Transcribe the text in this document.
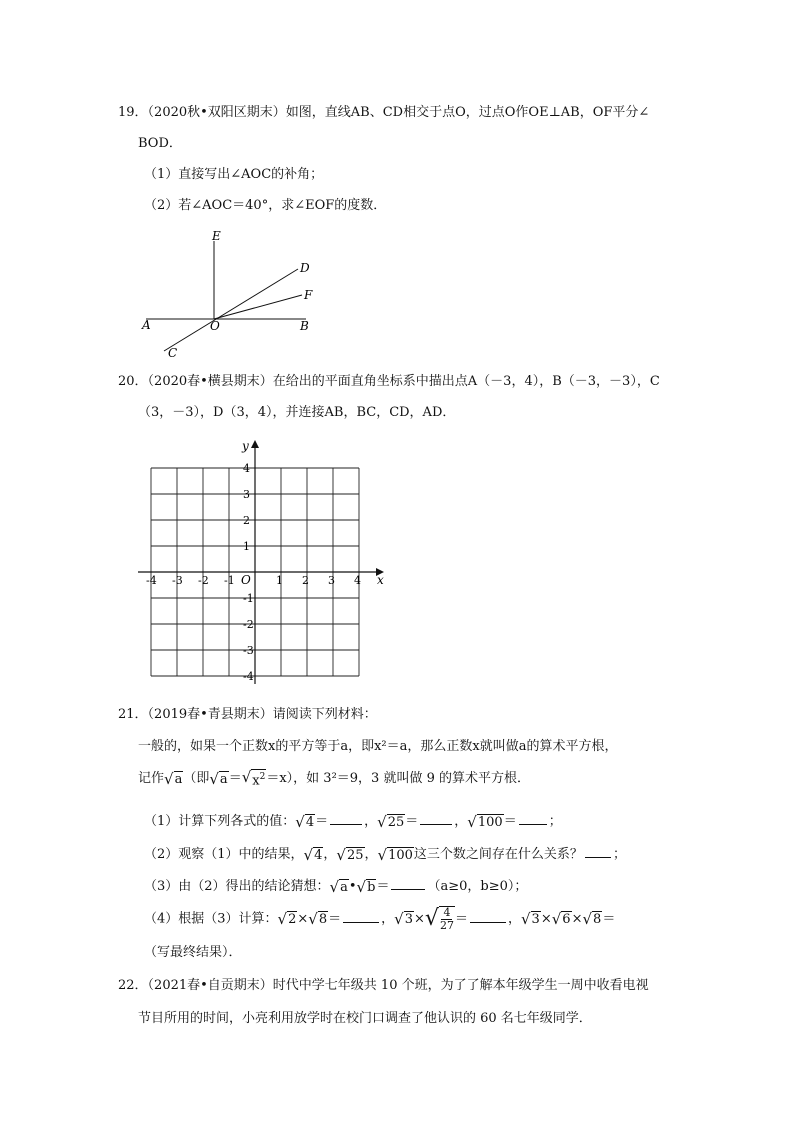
19．（2020秋•双阳区期末）如图，直线AB、CD相交于点O，过点O作OE⊥AB，OF平分∠
BOD．
（1）直接写出∠AOC的补角；
（2）若∠AOC＝40°，求∠EOF的度数．
E
D
F
A	O	B
C
20．（2020春•横县期末）在给出的平面直角坐标系中描出点A（－3，4），B（－3，－3），C
（3，－3），D（3，4），并连接AB，BC，CD，AD．
x
y
O
-4 -3 -2 -1	1 2 3 4
4
3
2
1
-1
-2
-3
-4
21．（2019春•青县期末）请阅读下列材料：
一般的，如果一个正数x的平方等于a，即x²＝a，那么正数x就叫做a的算术平方根，
记作 √ a （即 √ a ＝ √ $x^2 =x$），如 3²＝9，3 就叫做 9 的算术平方根．
（1）计算下列各式的值： √ 4 ＝	， √ 25 ＝	， √ 100 ＝ ；
（2）观察（1）中的结果， √ 4 ， √ 25 ， √ 100 这三个数之间存在什么关系？ ；
（3）由（2）得出的结论猜想： √ a • √ b ＝	（a≥0，b≥0）；
（4）根据（3）计算： √ 2 × √ 8 ＝	， √ 3 × √ $\frac{4}{27}$ ＝	， √ 3 × √ 6 × √ 8 ＝
（写最终结果）．
22．（2021春•自贡期末）时代中学七年级共 10 个班，为了了解本年级学生一周中收看电视
节目所用的时间，小亮利用放学时在校门口调查了他认识的 60 名七年级同学．
